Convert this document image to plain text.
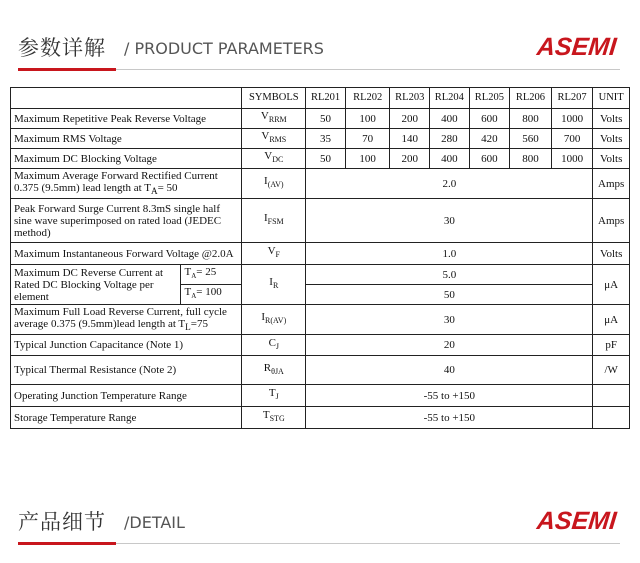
参数详解 / PRODUCT PARAMETERS	ASEMI
		SYMBOLS	RL201	RL202	RL203	RL204	RL205	RL206	RL207	UNIT
Maximum Repetitive Peak Reverse Voltage		$V_{RRM}$	50	100	200	400	600	800	1000	Volts
Maximum RMS Voltage		$V_{RMS}$	35	70	140	280	420	560	700	Volts
Maximum DC Blocking Voltage		$V_{DC}$	50	100	200	400	600	800	1000	Volts
Maximum Average Forward Rectified Current 0.375 (9.5mm) lead length at $T_A= 50$		$I_{(AV)}$	2.0							Amps
Peak Forward Surge Current 8.3mS single half sine wave superimposed on rated load (JEDEC method)		$I_{FSM}$	30							Amps
Maximum Instantaneous Forward Voltage @2.0A		$V_F$	1.0							Volts
Maximum DC Reverse Current at Rated DC Blocking Voltage per element	$T_A= 25$	$I_R$	5.0							μA
	$T_A= 100$		50							
Maximum Full Load Reverse Current, full cycle average 0.375 (9.5mm)lead length at $T_L=75$		$I_{R(AV)}$	30							μA
Typical Junction Capacitance (Note 1)		$C_J$	20							pF
Typical Thermal Resistance (Note 2)		$R_{\theta JA}$	40							/W
Operating Junction Temperature Range		$T_J$	-55 to +150							
Storage Temperature Range		$T_{STG}$	-55 to +150							
产品细节 /DETAIL	ASEMI
